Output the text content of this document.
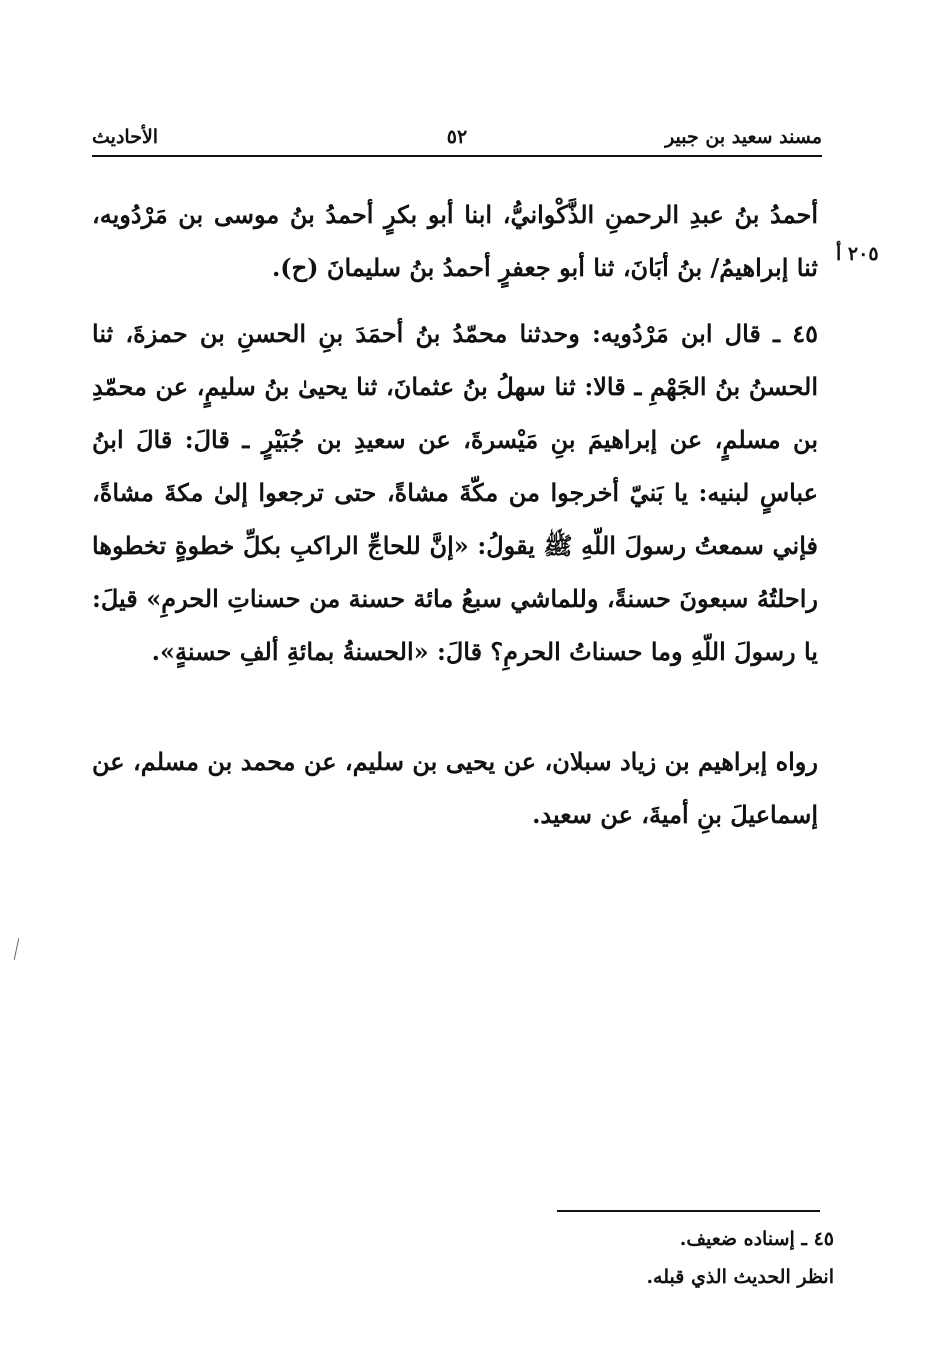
مسند سعيد بن جبير
٥٢
الأحاديث
٢٠٥ أ

أحمدُ بنُ عبدِ الرحمنِ الذَّكْوانيُّ، ابنا أبو بكرٍ أحمدُ بنُ موسى بن مَرْدُويه، ثنا إبراهيمُ/ بنُ أبَانَ، ثنا أبو جعفرٍ أحمدُ بنُ سليمانَ (ح).

٤٥ ـ قال ابن مَرْدُويه: وحدثنا محمّدُ بنُ أحمَدَ بنِ الحسنِ بن حمزةَ، ثنا الحسنُ بنُ الجَهْمِ ـ قالا: ثنا سهلُ بنُ عثمانَ، ثنا يحيىٰ بنُ سليمٍ، عن محمّدِ بن مسلمٍ، عن إبراهيمَ بنِ مَيْسرةَ، عن سعيدِ بن جُبَيْرٍ ـ قالَ: قالَ ابنُ عباسٍ لبنيه: يا بَنيّ أخرجوا من مكّةَ مشاةً، حتى ترجعوا إلىٰ مكةَ مشاةً، فإني سمعتُ رسولَ اللّهِ ﷺ يقولُ: «إنَّ للحاجِّ الراكبِ بكلِّ خطوةٍ تخطوها راحلتُهُ سبعونَ حسنةً، وللماشي سبعُ مائة حسنة من حسناتِ الحرمِ» قيلَ: يا رسولَ اللّهِ وما حسناتُ الحرمِ؟ قالَ: «الحسنةُ بمائةِ ألفِ حسنةٍ».

رواه إبراهيم بن زياد سبلان، عن يحيى بن سليم، عن محمد بن مسلم، عن إسماعيلَ بنِ أميةَ، عن سعيد.

٤٥ ـ إسناده ضعيف.
انظر الحديث الذي قبله.
